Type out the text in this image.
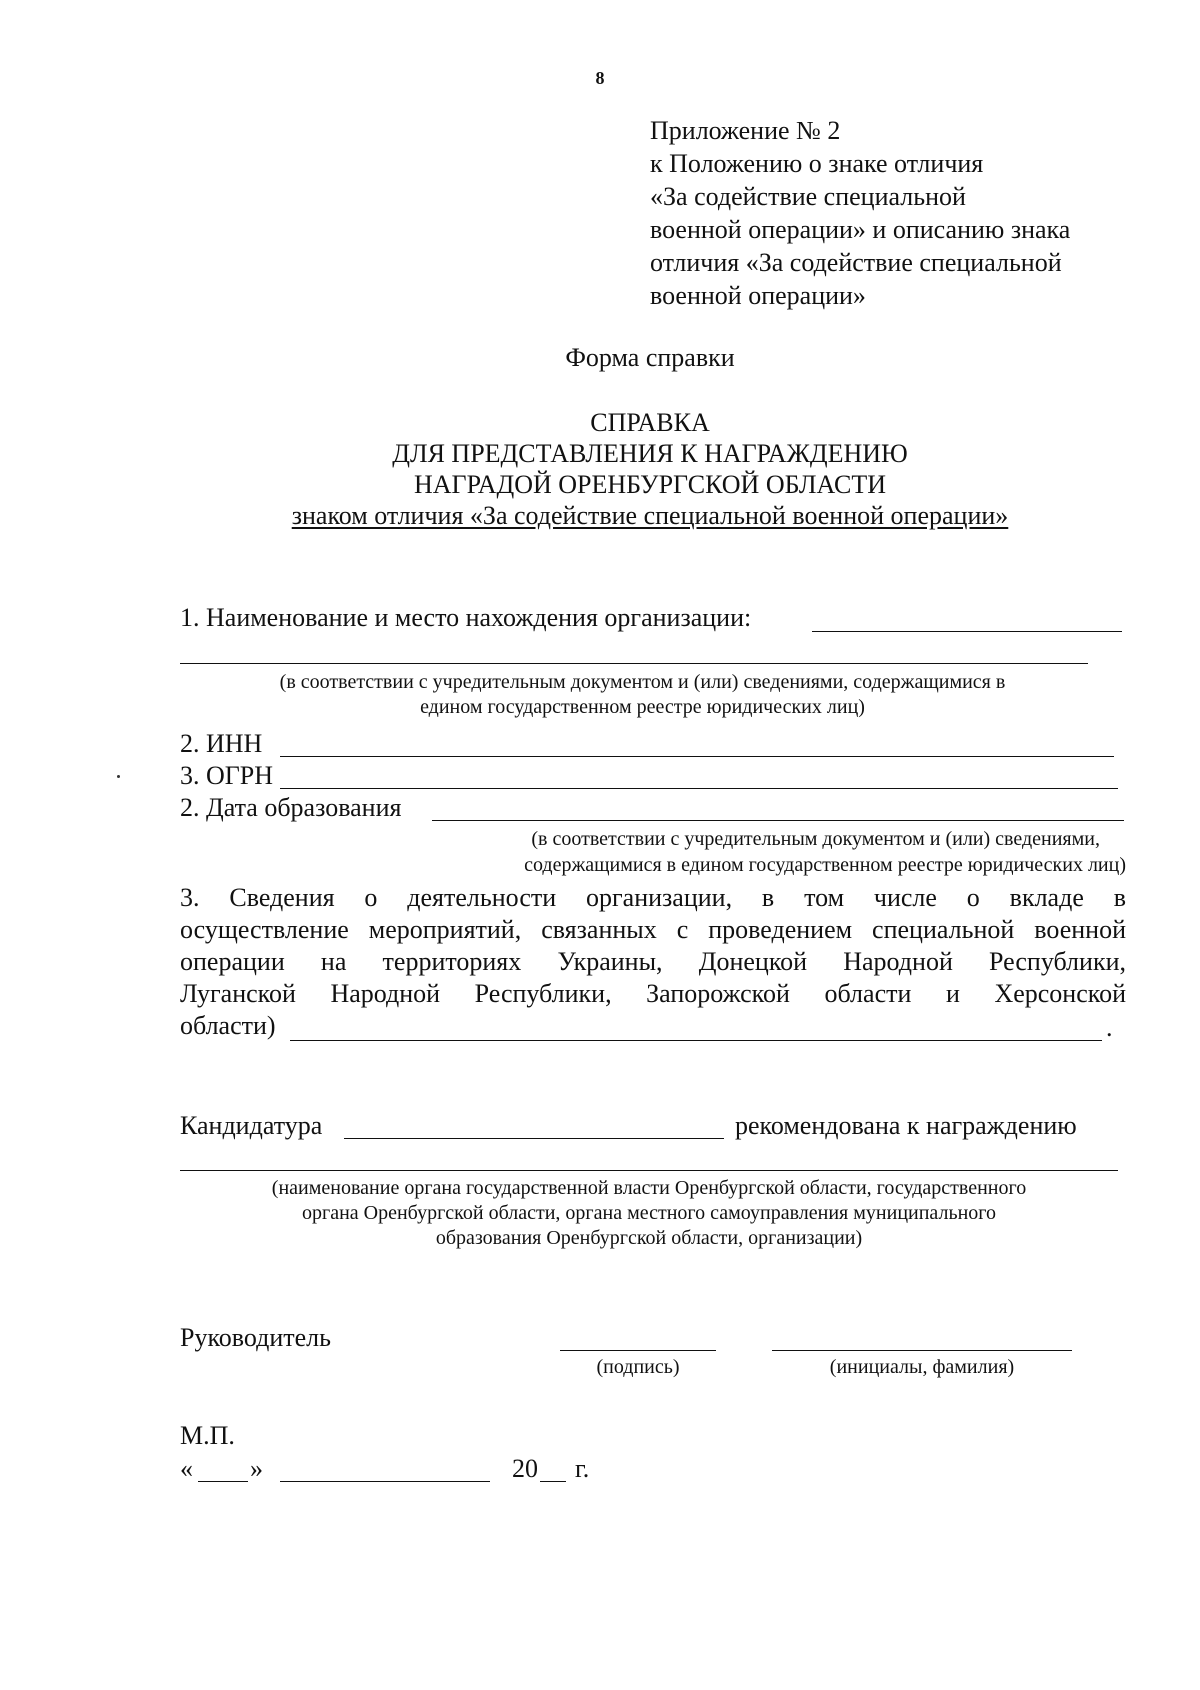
8
Приложение № 2
к Положению о знаке отличия
«За содействие специальной
военной операции» и описанию знака
отличия «За содействие специальной
военной операции»
Форма справки
СПРАВКА
ДЛЯ ПРЕДСТАВЛЕНИЯ К НАГРАЖДЕНИЮ
НАГРАДОЙ ОРЕНБУРГСКОЙ ОБЛАСТИ
знаком отличия «За содействие специальной военной операции»
1. Наименование и место нахождения организации:
(в соответствии с учредительным документом и (или) сведениями, содержащимися в
едином государственном реестре юридических лиц)
2. ИНН
3. ОГРН
2. Дата образования
(в соответствии с учредительным документом и (или) сведениями,
содержащимися в едином государственном реестре юридических лиц)
3. Сведения о деятельности организации, в том числе о вкладе в
осуществление мероприятий, связанных с проведением специальной военной
операции на территориях Украины, Донецкой Народной Республики,
Луганской Народной Республики, Запорожской области и Херсонской
области)	.
Кандидатура	рекомендована к награждению
(наименование органа государственной власти Оренбургской области, государственного
органа Оренбургской области, органа местного самоуправления муниципального
образования Оренбургской области, организации)
Руководитель
(подпись)	(инициалы, фамилия)
М.П.
« »	20 г.
